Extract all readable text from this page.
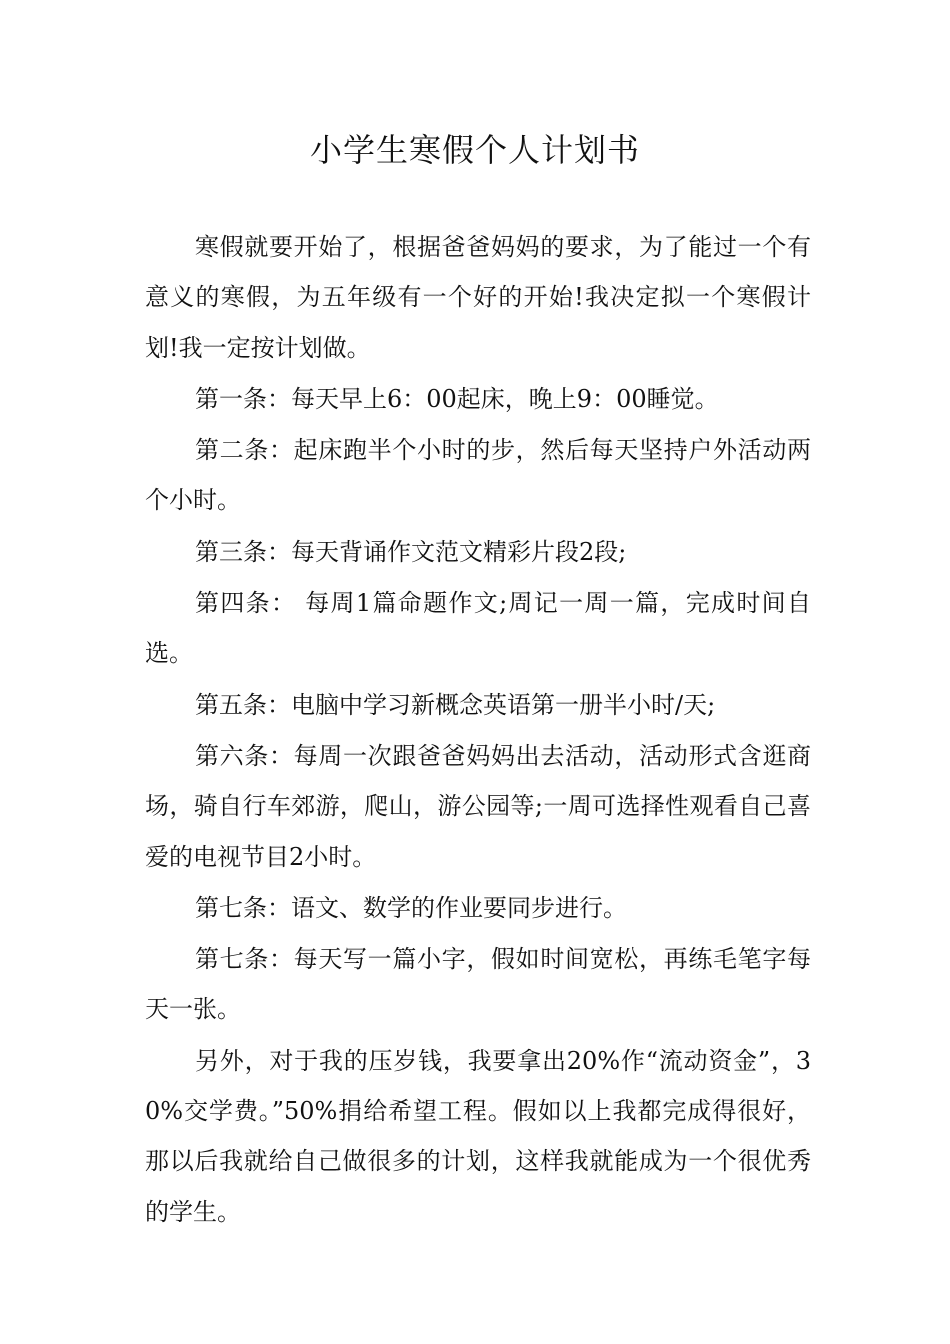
小学生寒假个人计划书

寒假就要开始了，根据爸爸妈妈的要求，为了能过一个有意义的寒假，为五年级有一个好的开始!我决定拟一个寒假计划!我一定按计划做。

第一条：每天早上6：00起床，晚上9：00睡觉。

第二条：起床跑半个小时的步，然后每天坚持户外活动两个小时。

第三条：每天背诵作文范文精彩片段2段;

第四条： 每周1篇命题作文;周记一周一篇，完成时间自选。

第五条：电脑中学习新概念英语第一册半小时/天;

第六条：每周一次跟爸爸妈妈出去活动，活动形式含逛商场，骑自行车郊游，爬山，游公园等;一周可选择性观看自己喜爱的电视节目2小时。

第七条：语文、数学的作业要同步进行。

第七条：每天写一篇小字，假如时间宽松，再练毛笔字每天一张。

另外，对于我的压岁钱，我要拿出20%作“流动资金”，30%交学费。”50%捐给希望工程。假如以上我都完成得很好，那以后我就给自己做很多的计划，这样我就能成为一个很优秀的学生。
